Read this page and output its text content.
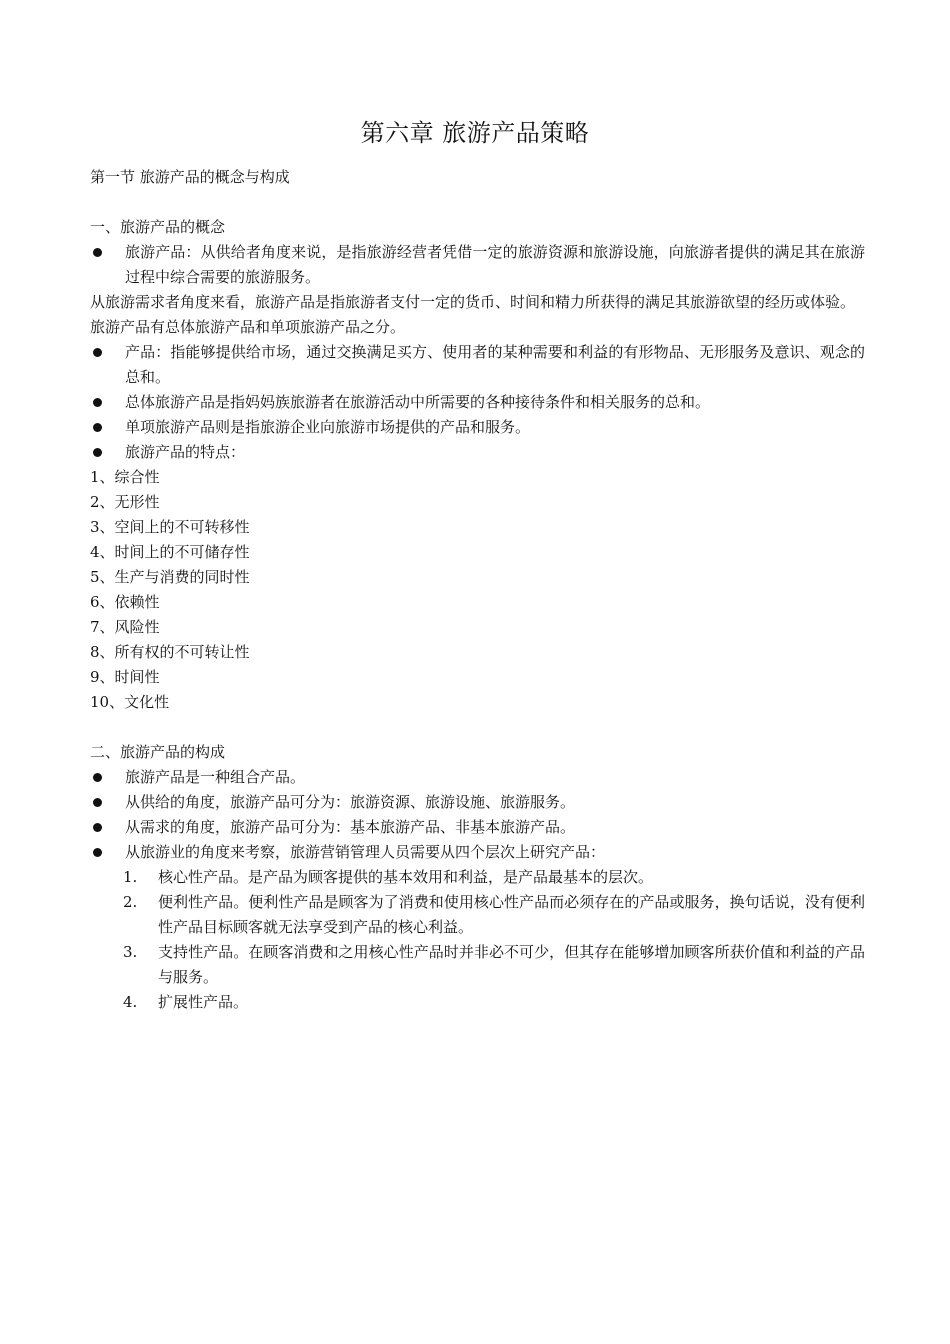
第六章 旅游产品策略
第一节 旅游产品的概念与构成
一、旅游产品的概念
旅游产品：从供给者角度来说，是指旅游经营者凭借一定的旅游资源和旅游设施，向旅游者提供的满足其在旅游过程中综合需要的旅游服务。
从旅游需求者角度来看，旅游产品是指旅游者支付一定的货币、时间和精力所获得的满足其旅游欲望的经历或体验。
旅游产品有总体旅游产品和单项旅游产品之分。
产品：指能够提供给市场，通过交换满足买方、使用者的某种需要和利益的有形物品、无形服务及意识、观念的总和。
总体旅游产品是指妈妈族旅游者在旅游活动中所需要的各种接待条件和相关服务的总和。
单项旅游产品则是指旅游企业向旅游市场提供的产品和服务。
旅游产品的特点：
1、综合性
2、无形性
3、空间上的不可转移性
4、时间上的不可储存性
5、生产与消费的同时性
6、依赖性
7、风险性
8、所有权的不可转让性
9、时间性
10、文化性
二、旅游产品的构成
旅游产品是一种组合产品。
从供给的角度，旅游产品可分为：旅游资源、旅游设施、旅游服务。
从需求的角度，旅游产品可分为：基本旅游产品、非基本旅游产品。
从旅游业的角度来考察，旅游营销管理人员需要从四个层次上研究产品：
1. 核心性产品。是产品为顾客提供的基本效用和利益，是产品最基本的层次。
2. 便利性产品。便利性产品是顾客为了消费和使用核心性产品而必须存在的产品或服务，换句话说，没有便利性产品目标顾客就无法享受到产品的核心利益。
3. 支持性产品。在顾客消费和之用核心性产品时并非必不可少，但其存在能够增加顾客所获价值和利益的产品与服务。
4. 扩展性产品。
